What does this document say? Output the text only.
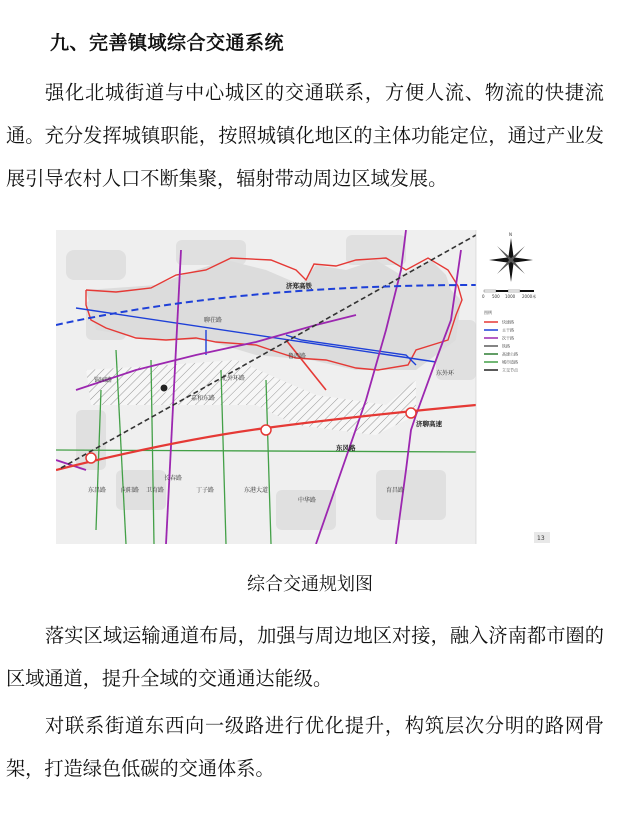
九、完善镇域综合交通系统

强化北城街道与中心城区的交通联系，方便人流、物流的快捷流通。充分发挥城镇职能，按照城镇化地区的主体功能定位，通过产业发展引导农村人口不断集聚，辐射带动周边区域发展。

济郑高铁
济聊高速
东风路
聊茌路
北外环路
锦园路
嘉和东路
向阳路
东昌路	卫育路
长春路
丁子路	东港大道
中华路
育昌路
鲁西路
东外环
N
0 500 1000 2000米
图例
快速路
主干路
次干路
铁路
高速公路
城市道路
立交节点
13

综合交通规划图

落实区域运输通道布局，加强与周边地区对接，融入济南都市圈的区域通道，提升全域的交通通达能级。

对联系街道东西向一级路进行优化提升，构筑层次分明的路网骨架，打造绿色低碳的交通体系。
